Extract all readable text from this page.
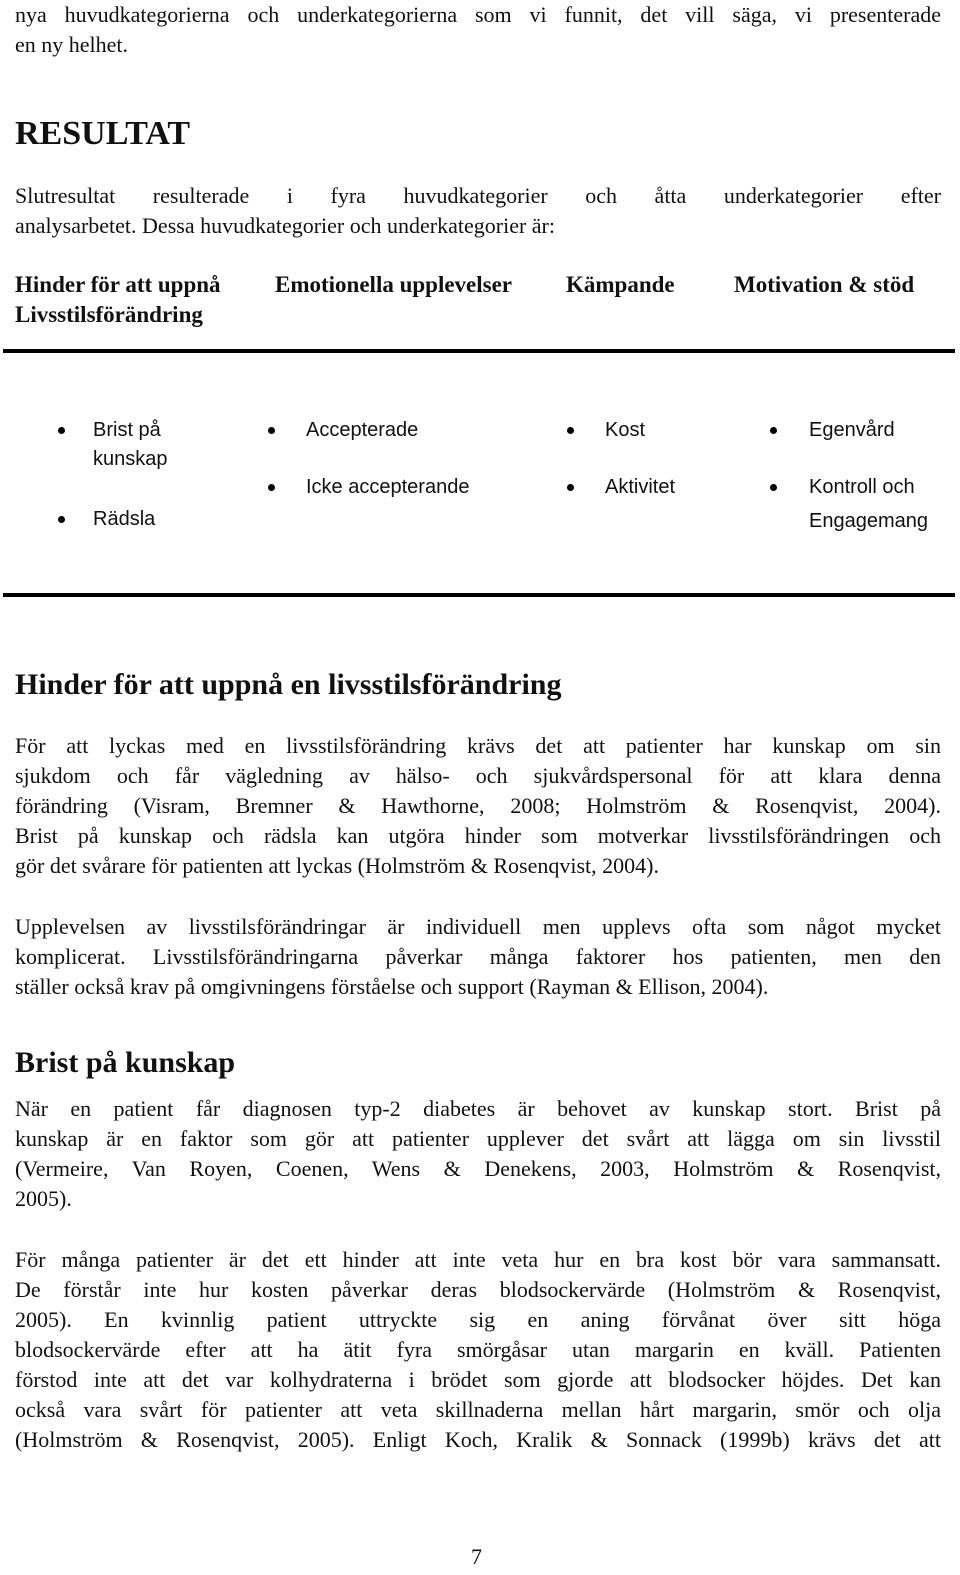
nya huvudkategorierna och underkategorierna som vi funnit, det vill säga, vi presenterade

en ny helhet.

RESULTAT

Slutresultat resulterade i fyra huvudkategorier och åtta underkategorier efter

analysarbetet. Dessa huvudkategorier och underkategorier är:

Hinder för att uppnå

Livsstilsförändring

Emotionella upplevelser Kämpande	Motivation & stöd

Brist på
kunskap
Rädsla
Accepterade
Icke accepterande
Kost
Aktivitet
Egenvård
Kontroll och
Engagemang
Hinder för att uppnå en livsstilsförändring

För att lyckas med en livsstilsförändring krävs det att patienter har kunskap om sin

sjukdom och får vägledning av hälso- och sjukvårdspersonal för att klara denna

förändring (Visram, Bremner & Hawthorne, 2008; Holmström & Rosenqvist, 2004).

Brist på kunskap och rädsla kan utgöra hinder som motverkar livsstilsförändringen och

gör det svårare för patienten att lyckas (Holmström & Rosenqvist, 2004).

Upplevelsen av livsstilsförändringar är individuell men upplevs ofta som något mycket

komplicerat. Livsstilsförändringarna påverkar många faktorer hos patienten, men den

ställer också krav på omgivningens förståelse och support (Rayman & Ellison, 2004).

Brist på kunskap

När en patient får diagnosen typ-2 diabetes är behovet av kunskap stort. Brist på

kunskap är en faktor som gör att patienter upplever det svårt att lägga om sin livsstil

(Vermeire, Van Royen, Coenen, Wens & Denekens, 2003, Holmström & Rosenqvist,

2005).

För många patienter är det ett hinder att inte veta hur en bra kost bör vara sammansatt.

De förstår inte hur kosten påverkar deras blodsockervärde (Holmström & Rosenqvist,

2005). En kvinnlig patient uttryckte sig en aning förvånat över sitt höga

blodsockervärde efter att ha ätit fyra smörgåsar utan margarin en kväll. Patienten

förstod inte att det var kolhydraterna i brödet som gjorde att blodsocker höjdes. Det kan

också vara svårt för patienter att veta skillnaderna mellan hårt margarin, smör och olja

(Holmström & Rosenqvist, 2005). Enligt Koch, Kralik & Sonnack (1999b) krävs det att

7
